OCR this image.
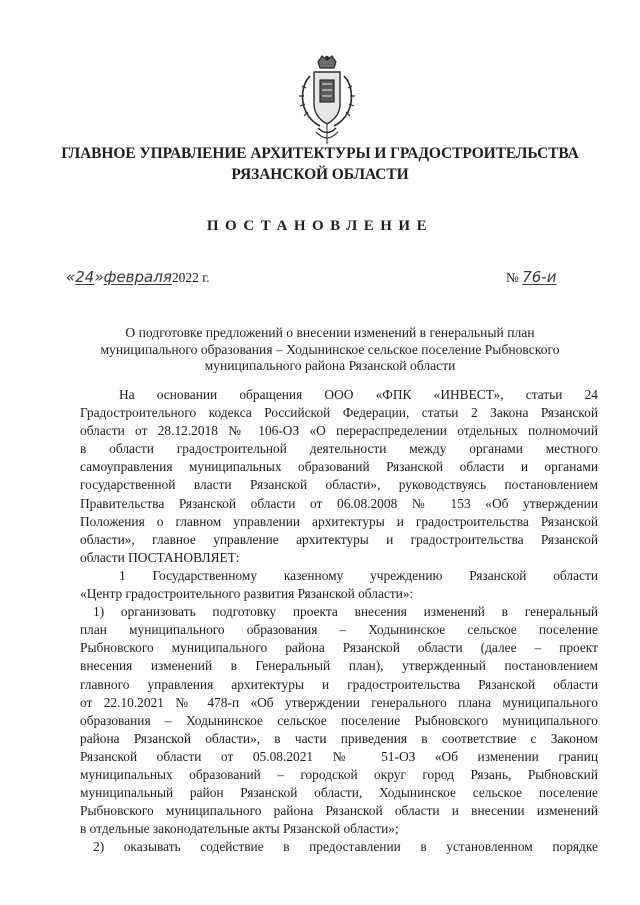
ГЛАВНОЕ УПРАВЛЕНИЕ АРХИТЕКТУРЫ И ГРАДОСТРОИТЕЛЬСТВА
РЯЗАНСКОЙ ОБЛАСТИ
ПОСТАНОВЛЕНИЕ
«24»февраля2022 г.	№ 76-и
О подготовке предложений о внесении изменений в генеральный план
муниципального образования – Ходынинское сельское поселение Рыбновского
муниципального района Рязанской области
На основании обращения ООО «ФПК «ИНВЕСТ», статьи 24
Градостроительного кодекса Российской Федерации, статьи 2 Закона Рязанской
области от 28.12.2018 № 106-ОЗ «О перераспределении отдельных полномочий
в области градостроительной деятельности между органами местного
самоуправления муниципальных образований Рязанской области и органами
государственной власти Рязанской области», руководствуясь постановлением
Правительства Рязанской области от 06.08.2008 № 153 «Об утверждении
Положения о главном управлении архитектуры и градостроительства Рязанской
области», главное управление архитектуры и градостроительства Рязанской
области ПОСТАНОВЛЯЕТ:
1 Государственному казенному учреждению Рязанской области
«Центр градостроительного развития Рязанской области»:
1) организовать подготовку проекта внесения изменений в генеральный
план муниципального образования – Ходынинское сельское поселение
Рыбновского муниципального района Рязанской области (далее – проект
внесения изменений в Генеральный план), утвержденный постановлением
главного управления архитектуры и градостроительства Рязанской области
от 22.10.2021 № 478-п «Об утверждении генерального плана муниципального
образования – Ходынинское сельское поселение Рыбновского муниципального
района Рязанской области», в части приведения в соответствие с Законом
Рязанской области от 05.08.2021 № 51-ОЗ «Об изменении границ
муниципальных образований – городской округ город Рязань, Рыбновский
муниципальный район Рязанской области, Ходынинское сельское поселение
Рыбновского муниципального района Рязанской области и внесении изменений
в отдельные законодательные акты Рязанской области»;
2) оказывать содействие в предоставлении в установленном порядке
